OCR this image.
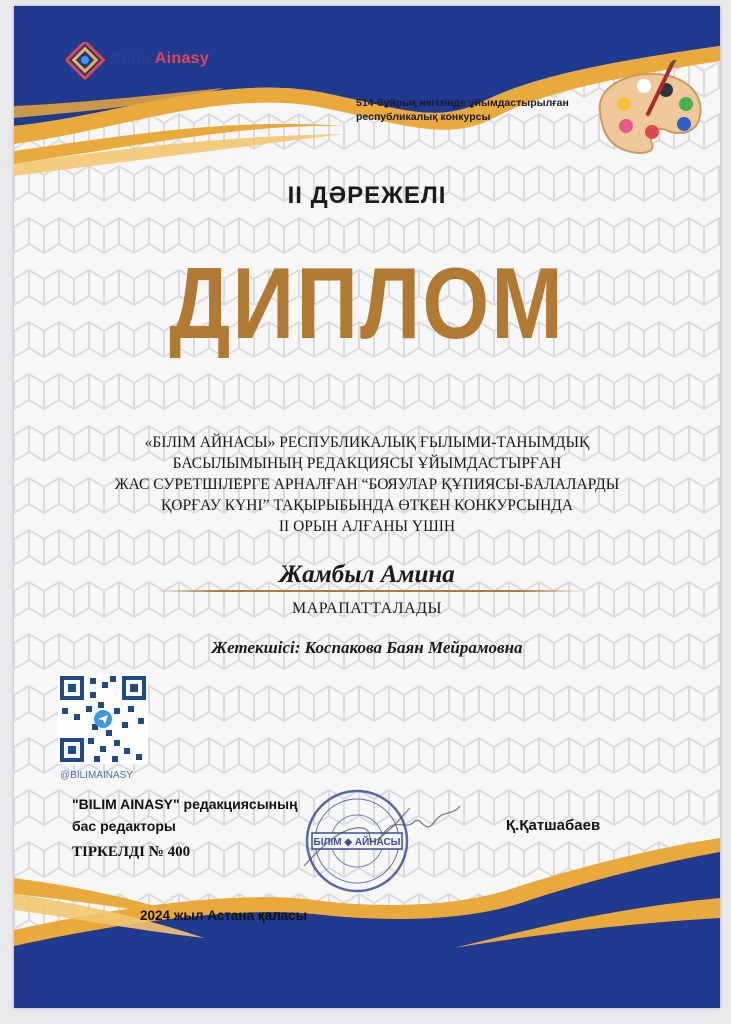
Bilim Ainasy
514-бұйрық негізінде ұйымдастырылған
республикалық конкурсы
II ДӘРЕЖЕЛІ
ДИПЛОМ
«БІЛІМ АЙНАСЫ» РЕСПУБЛИКАЛЫҚ ҒЫЛЫМИ-ТАНЫМДЫҚ
БАСЫЛЫМЫНЫҢ РЕДАКЦИЯСЫ ҰЙЫМДАСТЫРҒАН
ЖАС СУРЕТШІЛЕРГЕ АРНАЛҒАН “БОЯУЛАР ҚҰПИЯСЫ-БАЛАЛАРДЫ
ҚОРҒАУ КҮНІ” ТАҚЫРЫБЫНДА ӨТКЕН КОНКУРСЫНДА
II ОРЫН АЛҒАНЫ ҮШІН
Жамбыл Амина
МАРАПАТТАЛАДЫ
Жетекшісі: Коспакова Баян Мейрамовна
@BILIMAINASY
"BILIM AINASY" редакциясының
бас редакторы
ТІРКЕЛДІ № 400
БІЛІМ ◆ АЙНАСЫ
Қ.Қатшабаев
2024 жыл Астана қаласы
